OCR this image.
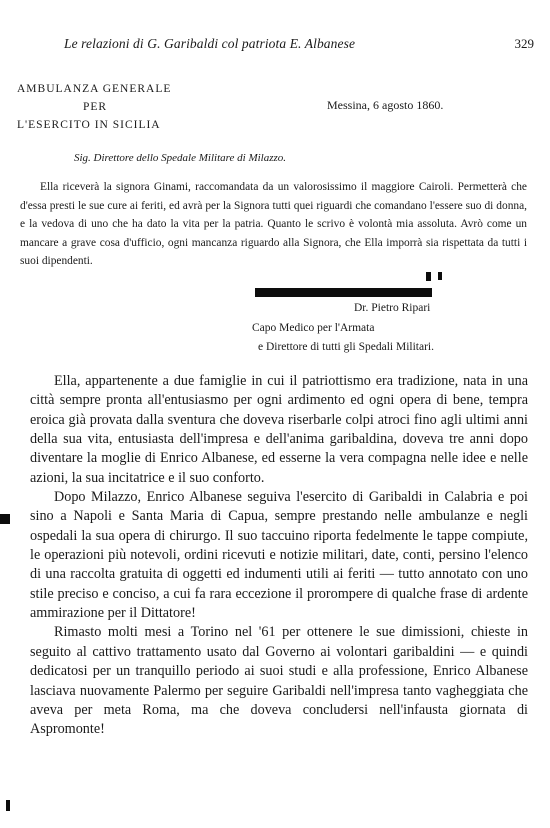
Le relazioni di G. Garibaldi col patriota E. Albanese	329
AMBULANZA GENERALE
PER
L'ESERCITO IN SICILIA
Messina, 6 agosto 1860.
Sig. Direttore dello Spedale Militare di Milazzo.

Ella riceverà la signora Ginami, raccomandata da un valorosissimo il maggiore Cairoli. Permetterà che d'essa presti le sue cure ai feriti, ed avrà per la Signora tutti quei riguardi che comandano l'essere suo di donna, e la vedova di uno che ha dato la vita per la patria. Quanto le scrivo è volontà mia assoluta. Avrò come un mancare a grave cosa d'ufficio, ogni mancanza riguardo alla Signora, che Ella imporrà sia rispettata da tutti i suoi dipendenti.

Dr. Pietro Ripari
Capo Medico per l'Armata
e Direttore di tutti gli Spedali Militari.

Ella, appartenente a due famiglie in cui il patriottismo era tradizione, nata in una città sempre pronta all'entusiasmo per ogni ardimento ed ogni opera di bene, tempra eroica già provata dalla sventura che doveva riserbarle colpi atroci fino agli ultimi anni della sua vita, entusiasta dell'impresa e dell'anima garibaldina, doveva tre anni dopo diventare la moglie di Enrico Albanese, ed esserne la vera compagna nelle idee e nelle azioni, la sua incitatrice e il suo conforto.

Dopo Milazzo, Enrico Albanese seguiva l'esercito di Garibaldi in Calabria e poi sino a Napoli e Santa Maria di Capua, sempre prestando nelle ambulanze e negli ospedali la sua opera di chirurgo. Il suo taccuino riporta fedelmente le tappe compiute, le operazioni più notevoli, ordini ricevuti e notizie militari, date, conti, persino l'elenco di una raccolta gratuita di oggetti ed indumenti utili ai feriti — tutto annotato con uno stile preciso e conciso, a cui fa rara eccezione il prorompere di qualche frase di ardente ammirazione per il Dittatore!

Rimasto molti mesi a Torino nel '61 per ottenere le sue dimissioni, chieste in seguito al cattivo trattamento usato dal Governo ai volontari garibaldini — e quindi dedicatosi per un tranquillo periodo ai suoi studi e alla professione, Enrico Albanese lasciava nuovamente Palermo per seguire Garibaldi nell'impresa tanto vagheggiata che aveva per meta Roma, ma che doveva concludersi nell'infausta giornata di Aspromonte!
